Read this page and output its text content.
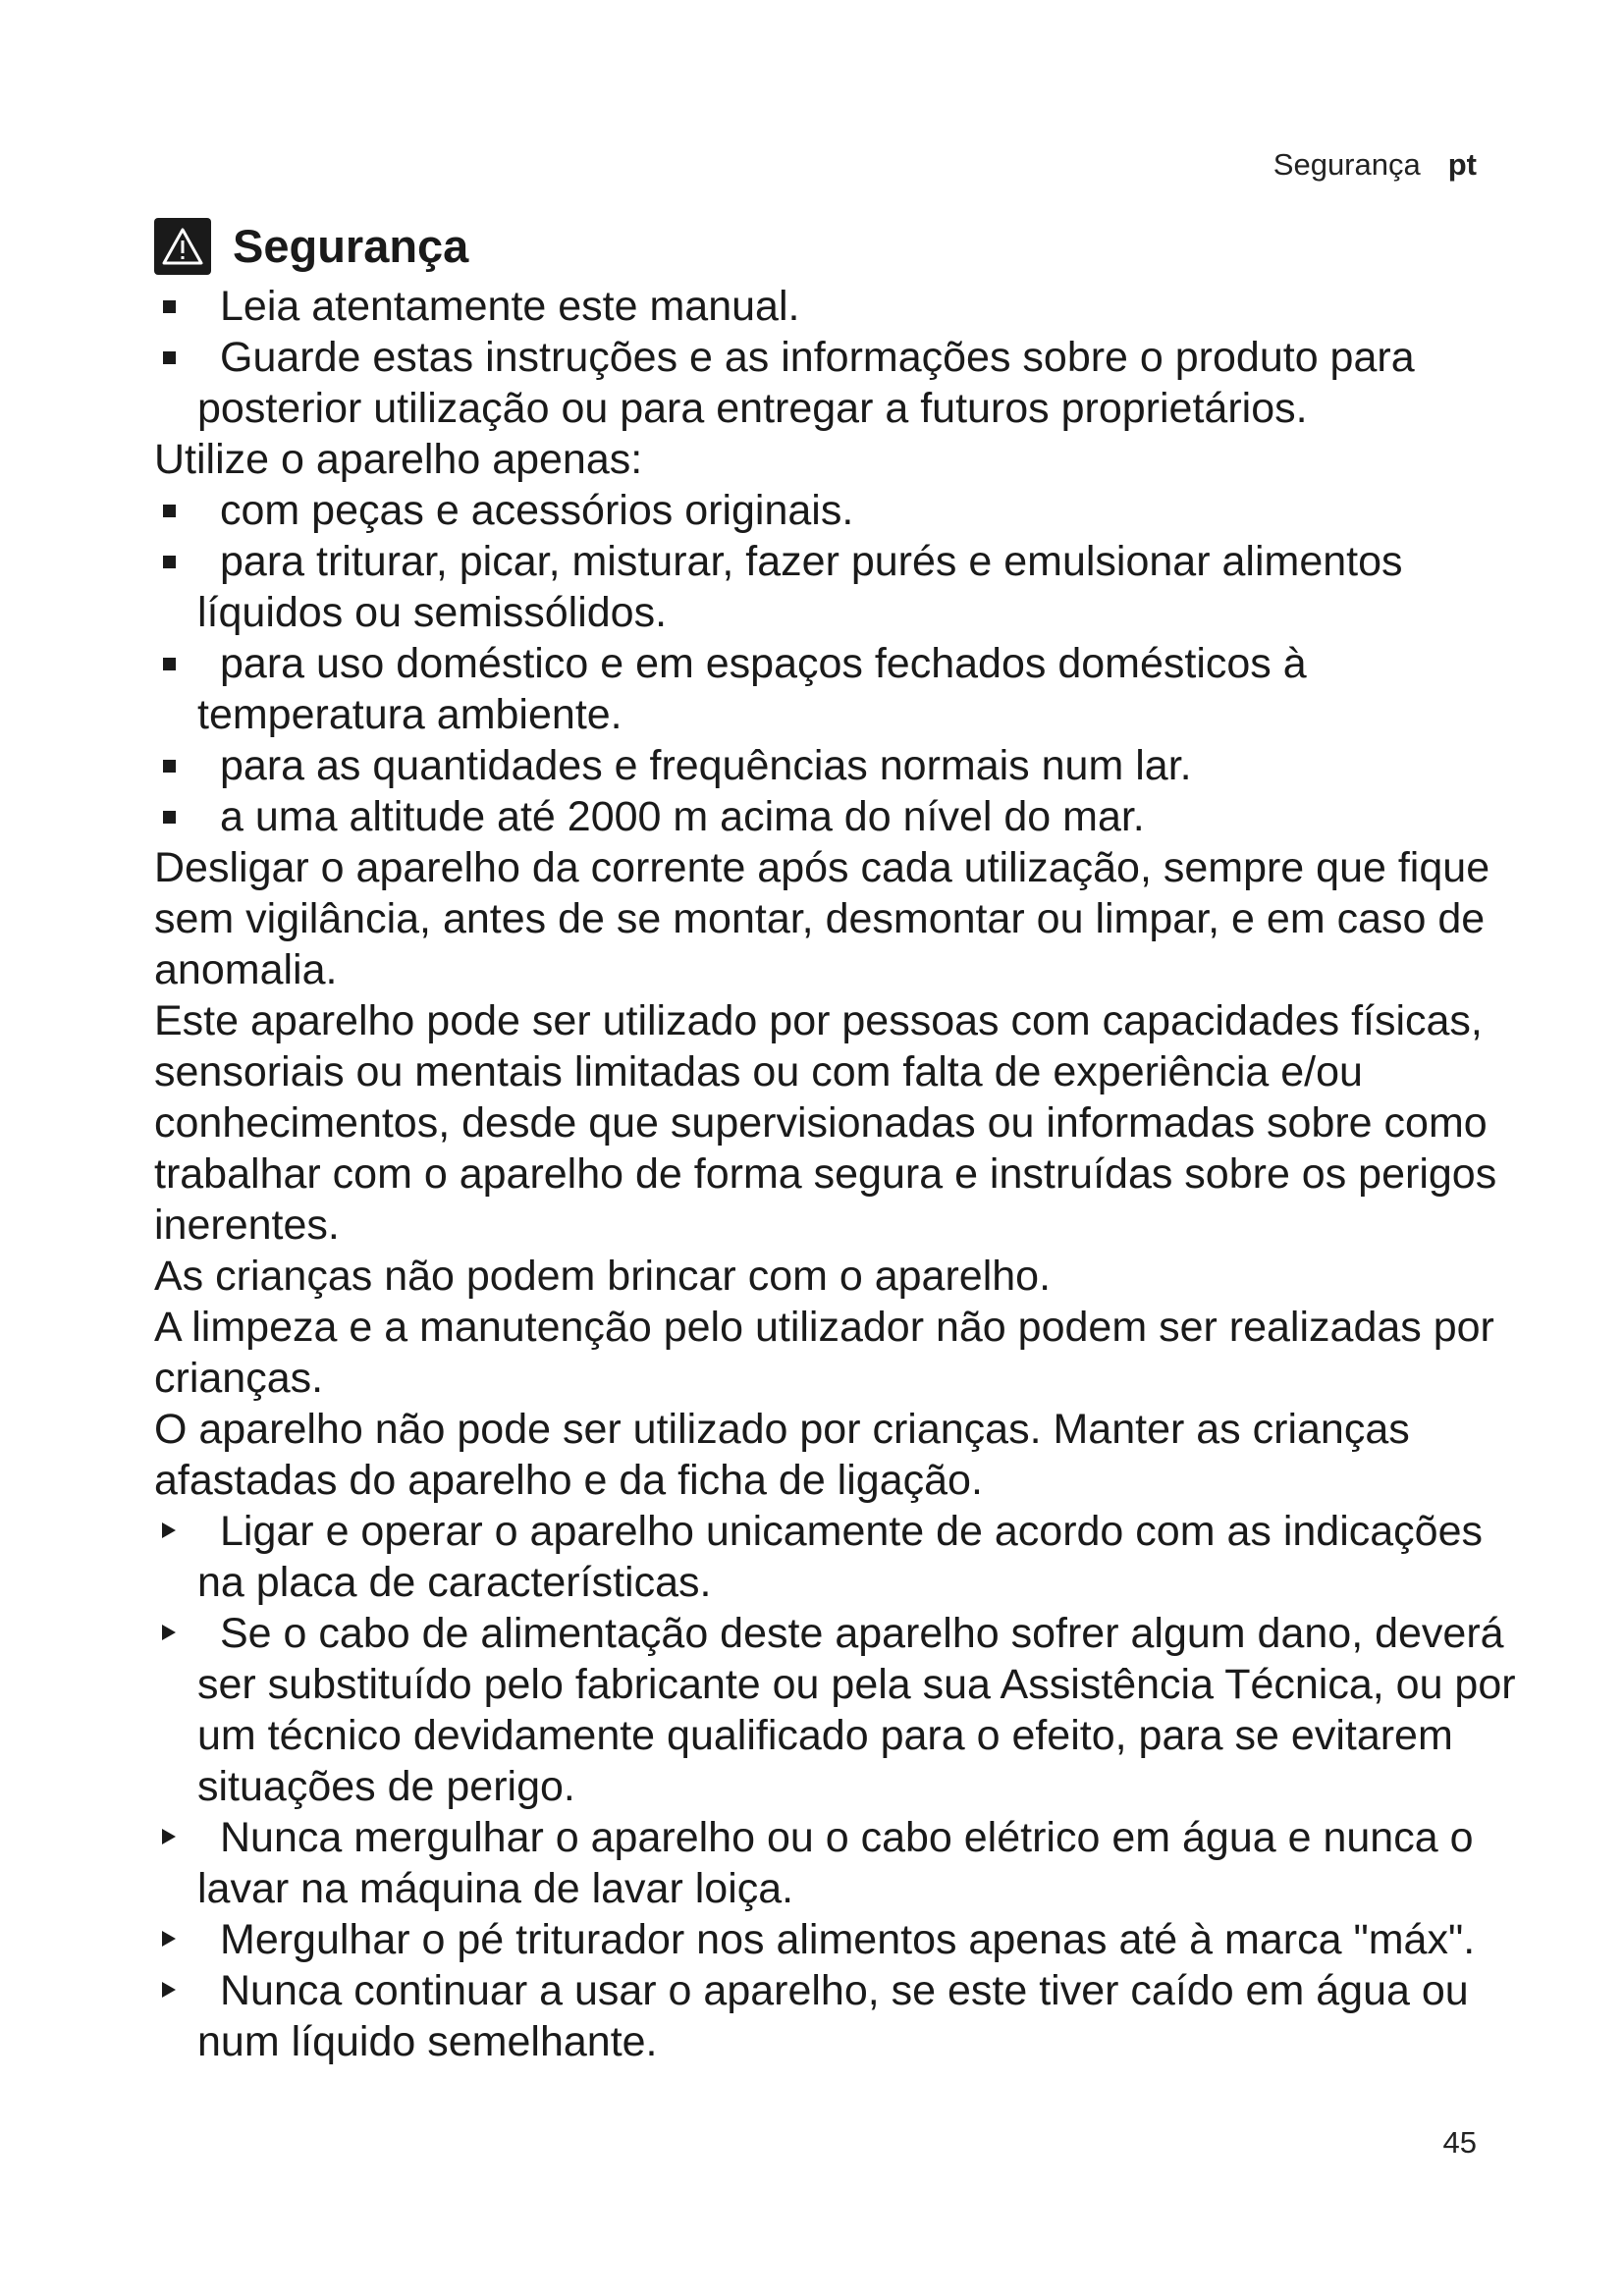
Segurança pt
Segurança
Leia atentamente este manual.
Guarde estas instruções e as informações sobre o produto para posterior utilização ou para entregar a futuros proprietários.
Utilize o aparelho apenas:
com peças e acessórios originais.
para triturar, picar, misturar, fazer purés e emulsionar alimentos líquidos ou semissólidos.
para uso doméstico e em espaços fechados domésticos à temperatura ambiente.
para as quantidades e frequências normais num lar.
a uma altitude até 2000 m acima do nível do mar.
Desligar o aparelho da corrente após cada utilização, sempre que fique sem vigilância, antes de se montar, desmontar ou limpar, e em caso de anomalia.
Este aparelho pode ser utilizado por pessoas com capacidades físicas, sensoriais ou mentais limitadas ou com falta de experiência e/ou conhecimentos, desde que supervisionadas ou informadas sobre como trabalhar com o aparelho de forma segura e instruídas sobre os perigos inerentes.
As crianças não podem brincar com o aparelho.
A limpeza e a manutenção pelo utilizador não podem ser realizadas por crianças.
O aparelho não pode ser utilizado por crianças. Manter as crianças afastadas do aparelho e da ficha de ligação.
Ligar e operar o aparelho unicamente de acordo com as indicações na placa de características.
Se o cabo de alimentação deste aparelho sofrer algum dano, deverá ser substituído pelo fabricante ou pela sua Assistência Técnica, ou por um técnico devidamente qualificado para o efeito, para se evitarem situações de perigo.
Nunca mergulhar o aparelho ou o cabo elétrico em água e nunca o lavar na máquina de lavar loiça.
Mergulhar o pé triturador nos alimentos apenas até à marca "máx".
Nunca continuar a usar o aparelho, se este tiver caído em água ou num líquido semelhante.
45
